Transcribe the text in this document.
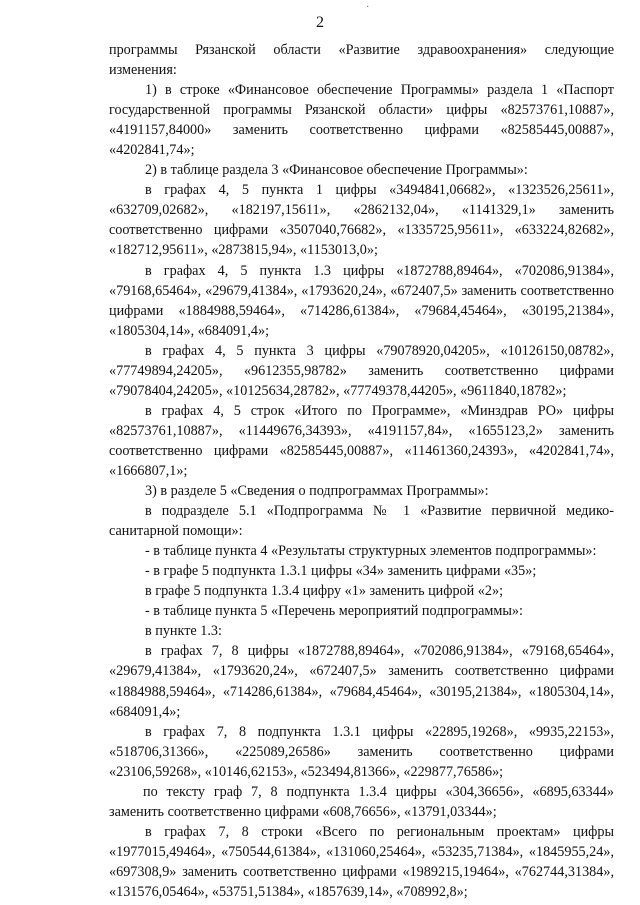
2
·

программы Рязанской области «Развитие здравоохранения» следующие изменения:

1) в строке «Финансовое обеспечение Программы» раздела 1 «Паспорт государственной программы Рязанской области» цифры «82573761,10887», «4191157,84000» заменить соответственно цифрами «82585445,00887», «4202841,74»;

2) в таблице раздела 3 «Финансовое обеспечение Программы»:

в графах 4, 5 пункта 1 цифры «3494841,06682», «1323526,25611», «632709,02682», «182197,15611», «2862132,04», «1141329,1» заменить соответственно цифрами «3507040,76682», «1335725,95611», «633224,82682», «182712,95611», «2873815,94», «1153013,0»;

в графах 4, 5 пункта 1.3 цифры «1872788,89464», «702086,91384», «79168,65464», «29679,41384», «1793620,24», «672407,5» заменить соответственно цифрами «1884988,59464», «714286,61384», «79684,45464», «30195,21384», «1805304,14», «684091,4»;

в графах 4, 5 пункта 3 цифры «79078920,04205», «10126150,08782», «77749894,24205», «9612355,98782» заменить соответственно цифрами «79078404,24205», «10125634,28782», «77749378,44205», «9611840,18782»;

в графах 4, 5 строк «Итого по Программе», «Минздрав РО» цифры «82573761,10887», «11449676,34393», «4191157,84», «1655123,2» заменить соответственно цифрами «82585445,00887», «11461360,24393», «4202841,74», «1666807,1»;

3) в разделе 5 «Сведения о подпрограммах Программы»:

в подразделе 5.1 «Подпрограмма № 1 «Развитие первичной медико-санитарной помощи»:

- в таблице пункта 4 «Результаты структурных элементов подпрограммы»:

- в графе 5 подпункта 1.3.1 цифры «34» заменить цифрами «35»;

в графе 5 подпункта 1.3.4 цифру «1» заменить цифрой «2»;

- в таблице пункта 5 «Перечень мероприятий подпрограммы»:

в пункте 1.3:

в графах 7, 8 цифры «1872788,89464», «702086,91384», «79168,65464», «29679,41384», «1793620,24», «672407,5» заменить соответственно цифрами «1884988,59464», «714286,61384», «79684,45464», «30195,21384», «1805304,14», «684091,4»;

в графах 7, 8 подпункта 1.3.1 цифры «22895,19268», «9935,22153», «518706,31366», «225089,26586» заменить соответственно цифрами «23106,59268», «10146,62153», «523494,81366», «229877,76586»;

по тексту граф 7, 8 подпункта 1.3.4 цифры «304,36656», «6895,63344» заменить соответственно цифрами «608,76656», «13791,03344»;

в графах 7, 8 строки «Всего по региональным проектам» цифры «1977015,49464», «750544,61384», «131060,25464», «53235,71384», «1845955,24», «697308,9» заменить соответственно цифрами «1989215,19464», «762744,31384», «131576,05464», «53751,51384», «1857639,14», «708992,8»;
